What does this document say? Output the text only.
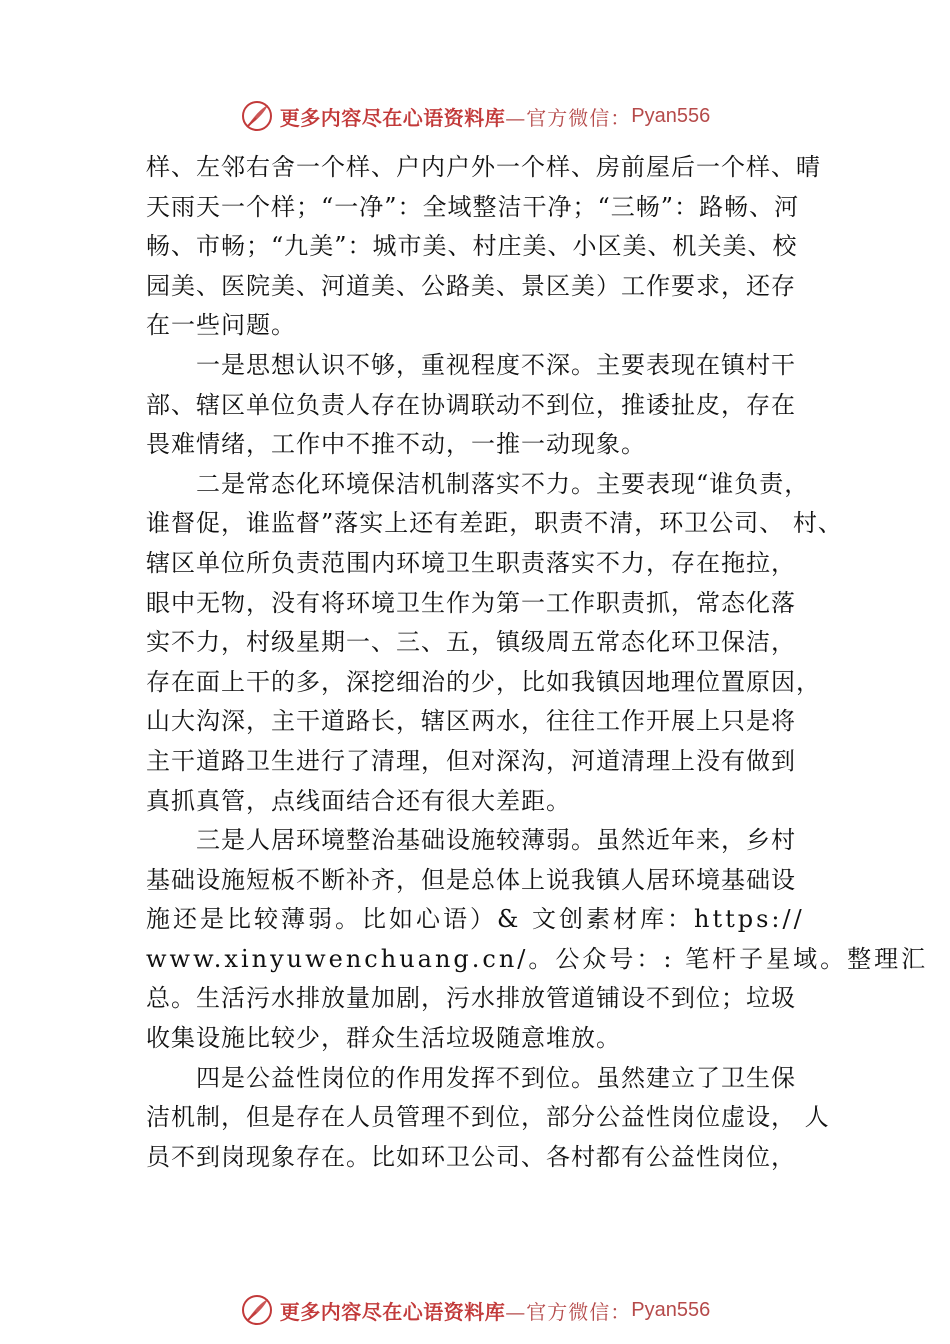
更多内容尽在心语资料库 —官方微信： Pyan556
样、左邻右舍一个样、户内户外一个样、房前屋后一个样、晴
天雨天一个样；“一净”：全域整洁干净；“三畅”：路畅、河
畅、市畅；“九美”：城市美、村庄美、小区美、机关美、校
园美、医院美、河道美、公路美、景区美）工作要求，还存
在一些问题。
一是思想认识不够，重视程度不深。主要表现在镇村干
部、辖区单位负责人存在协调联动不到位，推诿扯皮，存在
畏难情绪，工作中不推不动，一推一动现象。
二是常态化环境保洁机制落实不力。主要表现“谁负责，
谁督促，谁监督”落实上还有差距，职责不清，环卫公司、 村、
辖区单位所负责范围内环境卫生职责落实不力，存在拖拉，
眼中无物，没有将环境卫生作为第一工作职责抓，常态化落
实不力，村级星期一、三、五，镇级周五常态化环卫保洁，
存在面上干的多，深挖细治的少，比如我镇因地理位置原因，
山大沟深，主干道路长，辖区两水，往往工作开展上只是将
主干道路卫生进行了清理，但对深沟，河道清理上没有做到
真抓真管，点线面结合还有很大差距。
三是人居环境整治基础设施较薄弱。虽然近年来，乡村
基础设施短板不断补齐，但是总体上说我镇人居环境基础设
施还是比较薄弱。比如心语）& 文创素材库：https://
www.xinyuwenchuang.cn/。公众号：: 笔杆子星域。整理汇
总。生活污水排放量加剧，污水排放管道铺设不到位；垃圾
收集设施比较少，群众生活垃圾随意堆放。
四是公益性岗位的作用发挥不到位。虽然建立了卫生保
洁机制，但是存在人员管理不到位，部分公益性岗位虚设， 人
员不到岗现象存在。比如环卫公司、各村都有公益性岗位，
更多内容尽在心语资料库 —官方微信： Pyan556
